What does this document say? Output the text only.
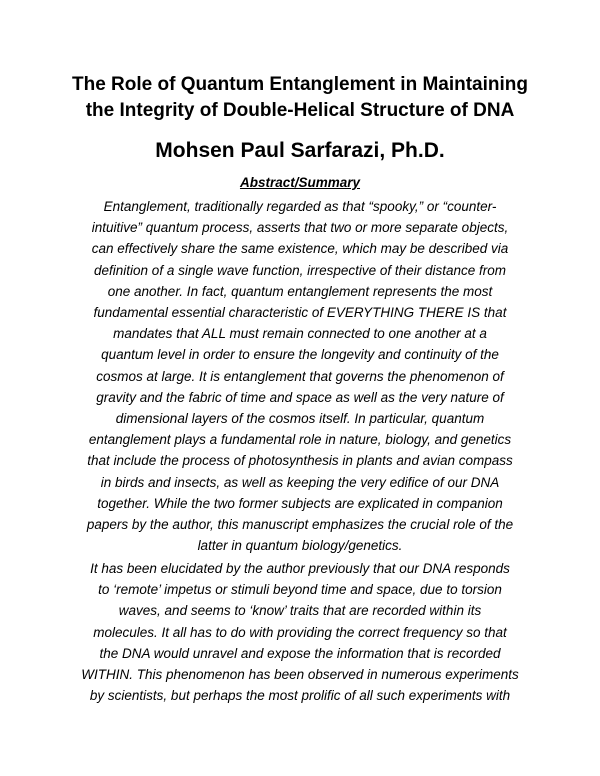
The Role of Quantum Entanglement in Maintaining
the Integrity of Double-Helical Structure of DNA
Mohsen Paul Sarfarazi, Ph.D.
Abstract/Summary

Entanglement, traditionally regarded as that “spooky,” or “counter-
intuitive” quantum process, asserts that two or more separate objects,
can effectively share the same existence, which may be described via
definition of a single wave function, irrespective of their distance from
one another. In fact, quantum entanglement represents the most
fundamental essential characteristic of EVERYTHING THERE IS that
mandates that ALL must remain connected to one another at a
quantum level in order to ensure the longevity and continuity of the
cosmos at large. It is entanglement that governs the phenomenon of
gravity and the fabric of time and space as well as the very nature of
dimensional layers of the cosmos itself. In particular, quantum
entanglement plays a fundamental role in nature, biology, and genetics
that include the process of photosynthesis in plants and avian compass
in birds and insects, as well as keeping the very edifice of our DNA
together. While the two former subjects are explicated in companion
papers by the author, this manuscript emphasizes the crucial role of the
latter in quantum biology/genetics.

It has been elucidated by the author previously that our DNA responds
to ‘remote’ impetus or stimuli beyond time and space, due to torsion
waves, and seems to ‘know’ traits that are recorded within its
molecules. It all has to do with providing the correct frequency so that
the DNA would unravel and expose the information that is recorded
WITHIN. This phenomenon has been observed in numerous experiments
by scientists, but perhaps the most prolific of all such experiments with
